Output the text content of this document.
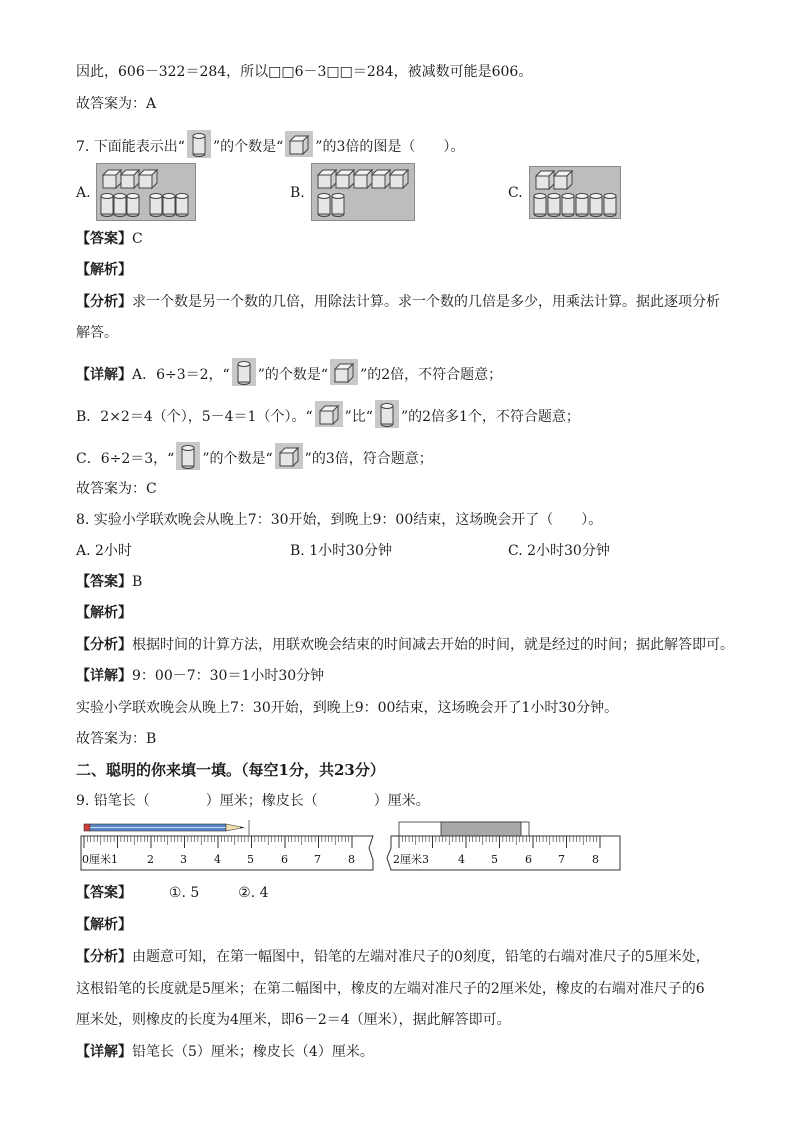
因此，606－322＝284，所以□□6－3□□＝284，被减数可能是606。
故答案为：A
7. 下面能表示出“ ”的个数是“ ”的3倍的图是（　　）。
A.	B.	C.
【答案】C
【解析】
【分析】求一个数是另一个数的几倍，用除法计算。求一个数的几倍是多少，用乘法计算。据此逐项分析
解答。
【详解】A．6÷3＝2，“ ”的个数是“ ”的2倍，不符合题意；
B．2×2＝4（个），5－4＝1（个）。“ ”比“ ”的2倍多1个，不符合题意；
C．6÷2＝3，“ ”的个数是“ ”的3倍，符合题意；
故答案为：C
8. 实验小学联欢晚会从晚上7：30开始，到晚上9：00结束，这场晚会开了（　　）。
A. 2小时	B. 1小时30分钟	C. 2小时30分钟
【答案】B
【解析】
【分析】根据时间的计算方法，用联欢晚会结束的时间减去开始的时间，就是经过的时间；据此解答即可。
【详解】9：00－7：30＝1小时30分钟
实验小学联欢晚会从晚上7：30开始，到晚上9：00结束，这场晚会开了1小时30分钟。
故答案为：B
二、聪明的你来填一填。（每空1分，共23分）
9. 铅笔长（　　　　）厘米；橡皮长（　　　　）厘米。
0厘米1	2 3 4 5 6 7 8	2厘米3	4 5 6 7 8
【答案】	①. 5	②. 4
【解析】
【分析】由题意可知，在第一幅图中，铅笔的左端对准尺子的0刻度，铅笔的右端对准尺子的5厘米处，
这根铅笔的长度就是5厘米；在第二幅图中，橡皮的左端对准尺子的2厘米处，橡皮的右端对准尺子的6
厘米处，则橡皮的长度为4厘米，即6－2＝4（厘米），据此解答即可。
【详解】铅笔长（5）厘米；橡皮长（4）厘米。
